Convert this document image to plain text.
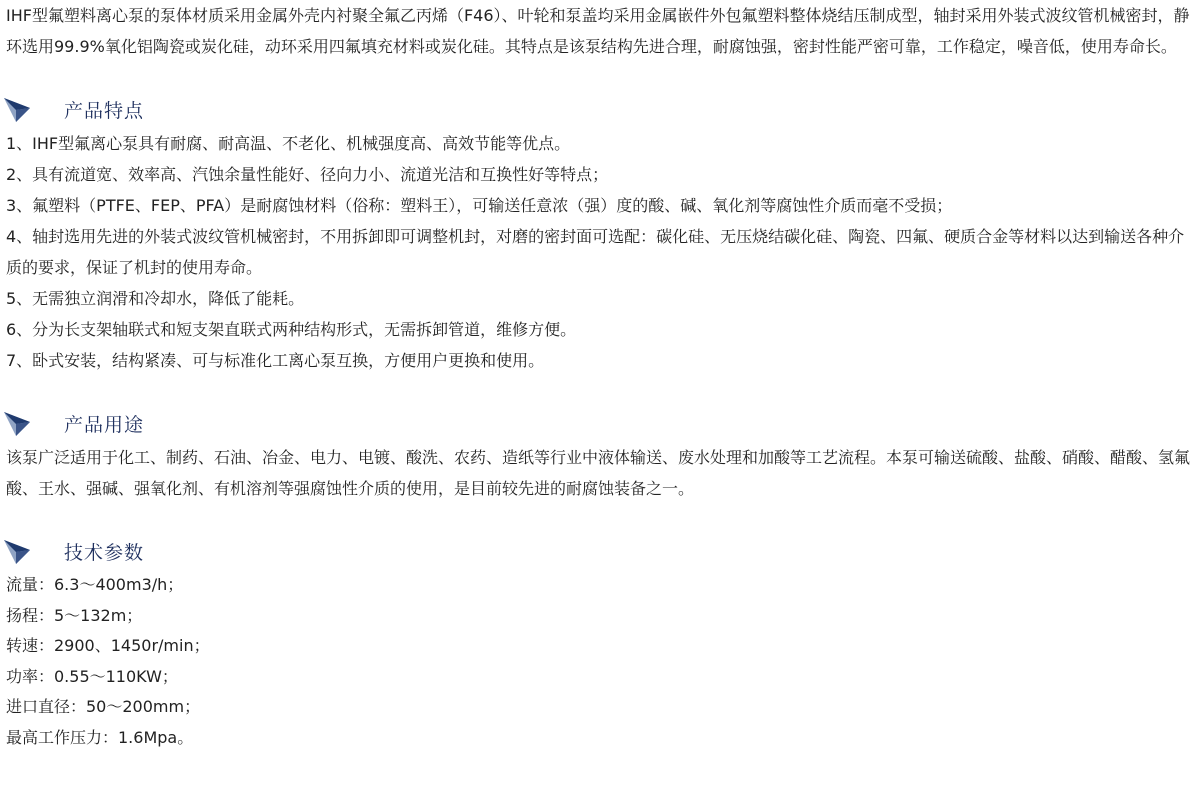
IHF型氟塑料离心泵的泵体材质采用金属外壳内衬聚全氟乙丙烯（F46）、叶轮和泵盖均采用金属嵌件外包氟塑料整体烧结压制成型，轴封采用外装式波纹管机械密封，静环选用99.9%氧化铝陶瓷或炭化硅，动环采用四氟填充材料或炭化硅。其特点是该泵结构先进合理，耐腐蚀强，密封性能严密可靠，工作稳定，噪音低，使用寿命长。

产品特点

1、IHF型氟离心泵具有耐腐、耐高温、不老化、机械强度高、高效节能等优点。

2、具有流道宽、效率高、汽蚀余量性能好、径向力小、流道光洁和互换性好等特点；

3、氟塑料（PTFE、FEP、PFA）是耐腐蚀材料（俗称：塑料王），可输送任意浓（强）度的酸、碱、氧化剂等腐蚀性介质而毫不受损；

4、轴封选用先进的外装式波纹管机械密封，不用拆卸即可调整机封，对磨的密封面可选配：碳化硅、无压烧结碳化硅、陶瓷、四氟、硬质合金等材料以达到输送各种介质的要求，保证了机封的使用寿命。

5、无需独立润滑和冷却水，降低了能耗。

6、分为长支架轴联式和短支架直联式两种结构形式，无需拆卸管道，维修方便。

7、卧式安装，结构紧凑、可与标准化工离心泵互换，方便用户更换和使用。

产品用途

该泵广泛适用于化工、制药、石油、冶金、电力、电镀、酸洗、农药、造纸等行业中液体输送、废水处理和加酸等工艺流程。本泵可输送硫酸、盐酸、硝酸、醋酸、氢氟酸、王水、强碱、强氧化剂、有机溶剂等强腐蚀性介质的使用，是目前较先进的耐腐蚀装备之一。

技术参数

流量：6.3～400m3/h；

扬程：5～132m；

转速：2900、1450r/min；

功率：0.55～110KW；

进口直径：50～200mm；

最高工作压力：1.6Mpa。
